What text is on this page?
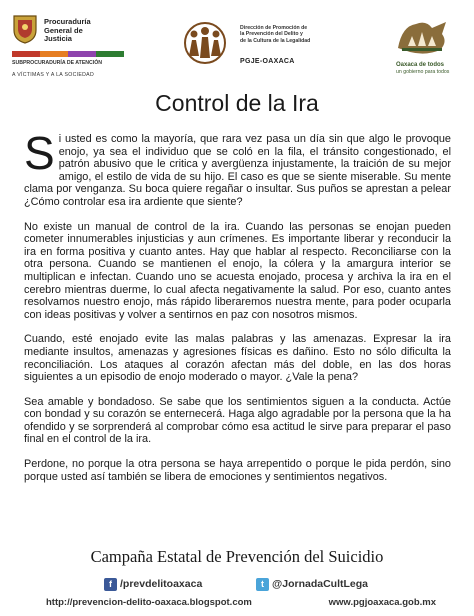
Procuraduría
General de
Justicia
SUBPROCURADURÍA DE ATENCIÓN
A VÍCTIMAS Y A LA SOCIEDAD
Dirección de Promoción de
la Prevención del Delito y
de la Cultura de la Legalidad
PGJE-OAXACA	Oaxaca de todos
un gobierno para todos
Control de la Ira

Si usted es como la mayoría, que rara vez pasa un día sin que algo le provoque enojo, ya sea el individuo que se coló en la fila, el tránsito congestionado, el patrón abusivo que le critica y avergüenza injustamente, la traición de su mejor amigo, el estilo de vida de su hijo. El caso es que se siente miserable. Su mente clama por venganza. Su boca quiere regañar o insultar. Sus puños se aprestan a pelear ¿Cómo controlar esa ira ardiente que siente?

No existe un manual de control de la ira. Cuando las personas se enojan pueden cometer innumerables injusticias y aun crímenes. Es importante liberar y reconducir la ira en forma positiva y cuanto antes. Hay que hablar al respecto. Reconciliarse con la otra persona. Cuando se mantienen el enojo, la cólera y la amargura interior se multiplican e infectan. Cuando uno se acuesta enojado, procesa y archiva la ira en el cerebro mientras duerme, lo cual afecta negativamente la salud. Por eso, cuanto antes resolvamos nuestro enojo, más rápido liberaremos nuestra mente, para poder ocuparla con ideas positivas y volver a sentirnos en paz con nosotros mismos.

Cuando, esté enojado evite las malas palabras y las amenazas. Expresar la ira mediante insultos, amenazas y agresiones físicas es dañino. Esto no sólo dificulta la reconciliación. Los ataques al corazón afectan más del doble, en las dos horas siguientes a un episodio de enojo moderado o mayor. ¿Vale la pena?

Sea amable y bondadoso. Se sabe que los sentimientos siguen a la conducta. Actúe con bondad y su corazón se enternecerá. Haga algo agradable por la persona que la ha ofendido y se sorprenderá al comprobar cómo esa actitud le sirve para preparar el paso final en el control de la ira.

Perdone, no porque la otra persona se haya arrepentido o porque le pida perdón, sino porque usted así también se libera de emociones y sentimientos negativos.

Campaña Estatal de Prevención del Suicidio
f /prevdelitoaxaca	t @JornadaCultLega
http://prevencion-delito-oaxaca.blogspot.com	www.pgjoaxaca.gob.mx
